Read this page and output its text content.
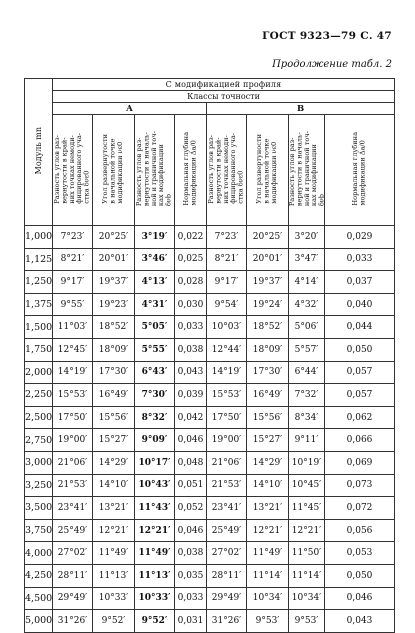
ГОСТ 9323—79 С. 47
Продолжение табл. 2
Модуль mn	С модификацией профиля							
	Классы точности							
	А				В			
	Разность углов раз-
вернутости в край-
них точках немоди-
фицированного уча-
стка δνε0	Угол развернутости
в начальной точке
модификации νε0	Разность углов раз-
вернутости в началь-
ной и граничной точ-
ках модификации
δνb	Нормальная глубина
модификации Δa/0	Разность углов раз-
вернутости в край-
них точках немоди-
фицированного уча-
стка δνε0	Угол развертуности
в начальной точке
модификации νε0	Разность углов раз-
вернутости в началь-
ной и граничной точ-
ках модификации
δνb	Нормальная глубина
модификации Δa/0
1,000	7°23′	20°25′	3°19′	0,022	7°23′	20°25′	3°20′	0,029
1,125	8°21′	20°01′	3°46′	0,025	8°21′	20°01′	3°47′	0,033
1,250	9°17′	19°37′	4°13′	0,028	9°17′	19°37′	4°14′	0,037
1,375	9°55′	19°23′	4°31′	0,030	9°54′	19°24′	4°32′	0,040
1,500	11°03′	18°52′	5°05′	0,033	10°03′	18°52′	5°06′	0,044
1,750	12°45′	18°09′	5°55′	0,038	12°44′	18°09′	5°57′	0,050
2,000	14°19′	17°30′	6°43′	0,043	14°19′	17°30′	6°44′	0,057
2,250	15°53′	16°49′	7°30′	0,039	15°53′	16°49′	7°32′	0,057
2,500	17°50′	15°56′	8°32′	0,042	17°50′	15°56′	8°34′	0,062
2,750	19°00′	15°27′	9°09′	0,046	19°00′	15°27′	9°11′	0,066
3,000	21°06′	14°29′	10°17′	0,048	21°06′	14°29′	10°19′	0,069
3,250	21°53′	14°10′	10°43′	0,051	21°53′	14°10′	10°45′	0,073
3,500	23°41′	13°21′	11°43′	0,052	23°41′	13°21′	11°45′	0,072
3,750	25°49′	12°21′	12°21′	0,046	25°49′	12°21′	12°21′	0,056
4,000	27°02′	11°49′	11°49′	0,038	27°02′	11°49′	11°50′	0,053
4,250	28°11′	11°13′	11°13′	0,035	28°11′	11°14′	11°14′	0,050
4,500	29°49′	10°33′	10°33′	0,033	29°49′	10°34′	10°34′	0,046
5,000	31°26′	9°52′	9°52′	0,031	31°26′	9°53′	9°53′	0,043
